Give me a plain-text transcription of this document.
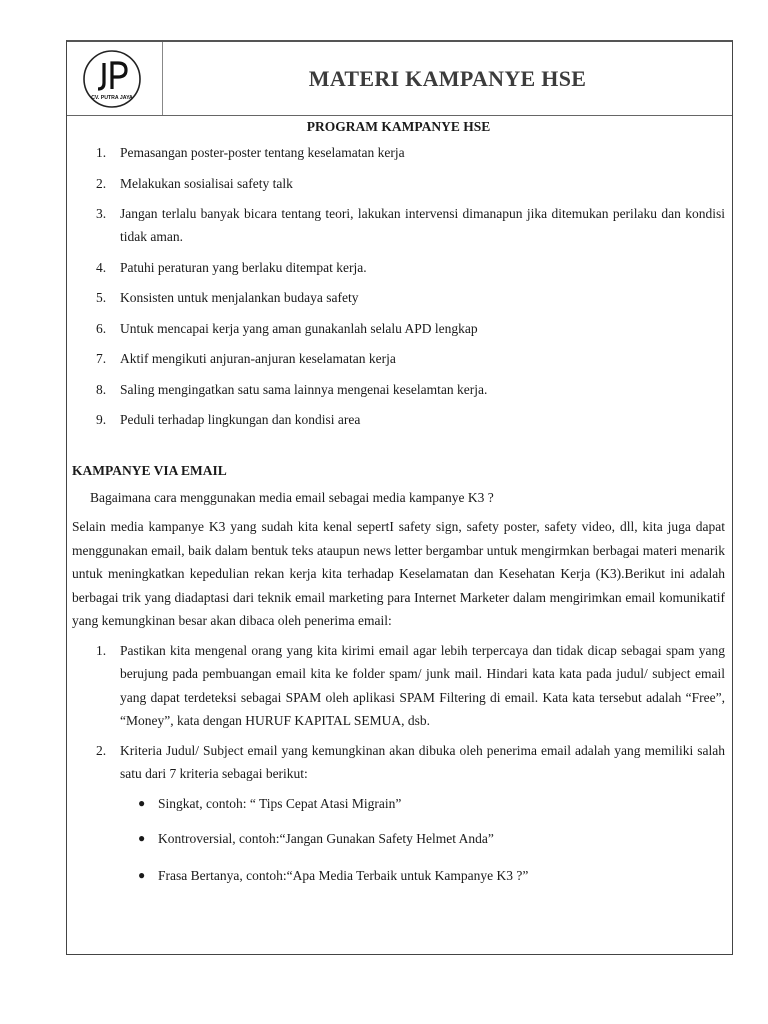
CV. PUTRA JAYA
MATERI KAMPANYE HSE
PROGRAM KAMPANYE HSE
1. Pemasangan poster-poster tentang keselamatan kerja
2. Melakukan sosialisai safety talk
3. Jangan terlalu banyak bicara tentang teori, lakukan intervensi dimanapun jika ditemukan perilaku dan kondisi tidak aman.
4. Patuhi peraturan yang berlaku ditempat kerja.
5. Konsisten untuk menjalankan budaya safety
6. Untuk mencapai kerja yang aman gunakanlah selalu APD lengkap
7. Aktif mengikuti anjuran-anjuran keselamatan kerja
8. Saling mengingatkan satu sama lainnya mengenai keselamtan kerja.
9. Peduli terhadap lingkungan dan kondisi area
KAMPANYE VIA EMAIL
Bagaimana cara menggunakan media email sebagai media kampanye K3 ?
Selain media kampanye K3 yang sudah kita kenal sepertI safety sign, safety poster, safety video, dll, kita juga dapat menggunakan email, baik dalam bentuk teks ataupun news letter bergambar untuk mengirmkan berbagai materi menarik untuk meningkatkan kepedulian rekan kerja kita terhadap Keselamatan dan Kesehatan Kerja (K3).Berikut ini adalah berbagai trik yang diadaptasi dari teknik email marketing para Internet Marketer dalam mengirimkan email komunikatif yang kemungkinan besar akan dibaca oleh penerima email:
1. Pastikan kita mengenal orang yang kita kirimi email agar lebih terpercaya dan tidak dicap sebagai spam yang berujung pada pembuangan email kita ke folder spam/ junk mail. Hindari kata kata pada judul/ subject email yang dapat terdeteksi sebagai SPAM oleh aplikasi SPAM Filtering di email. Kata kata tersebut adalah “Free”, “Money”, kata dengan HURUF KAPITAL SEMUA, dsb.
2. Kriteria Judul/ Subject email yang kemungkinan akan dibuka oleh penerima email adalah yang memiliki salah satu dari 7 kriteria sebagai berikut:
● Singkat, contoh: “ Tips Cepat Atasi Migrain”
● Kontroversial, contoh:“Jangan Gunakan Safety Helmet Anda”
● Frasa Bertanya, contoh:“Apa Media Terbaik untuk Kampanye K3 ?”
